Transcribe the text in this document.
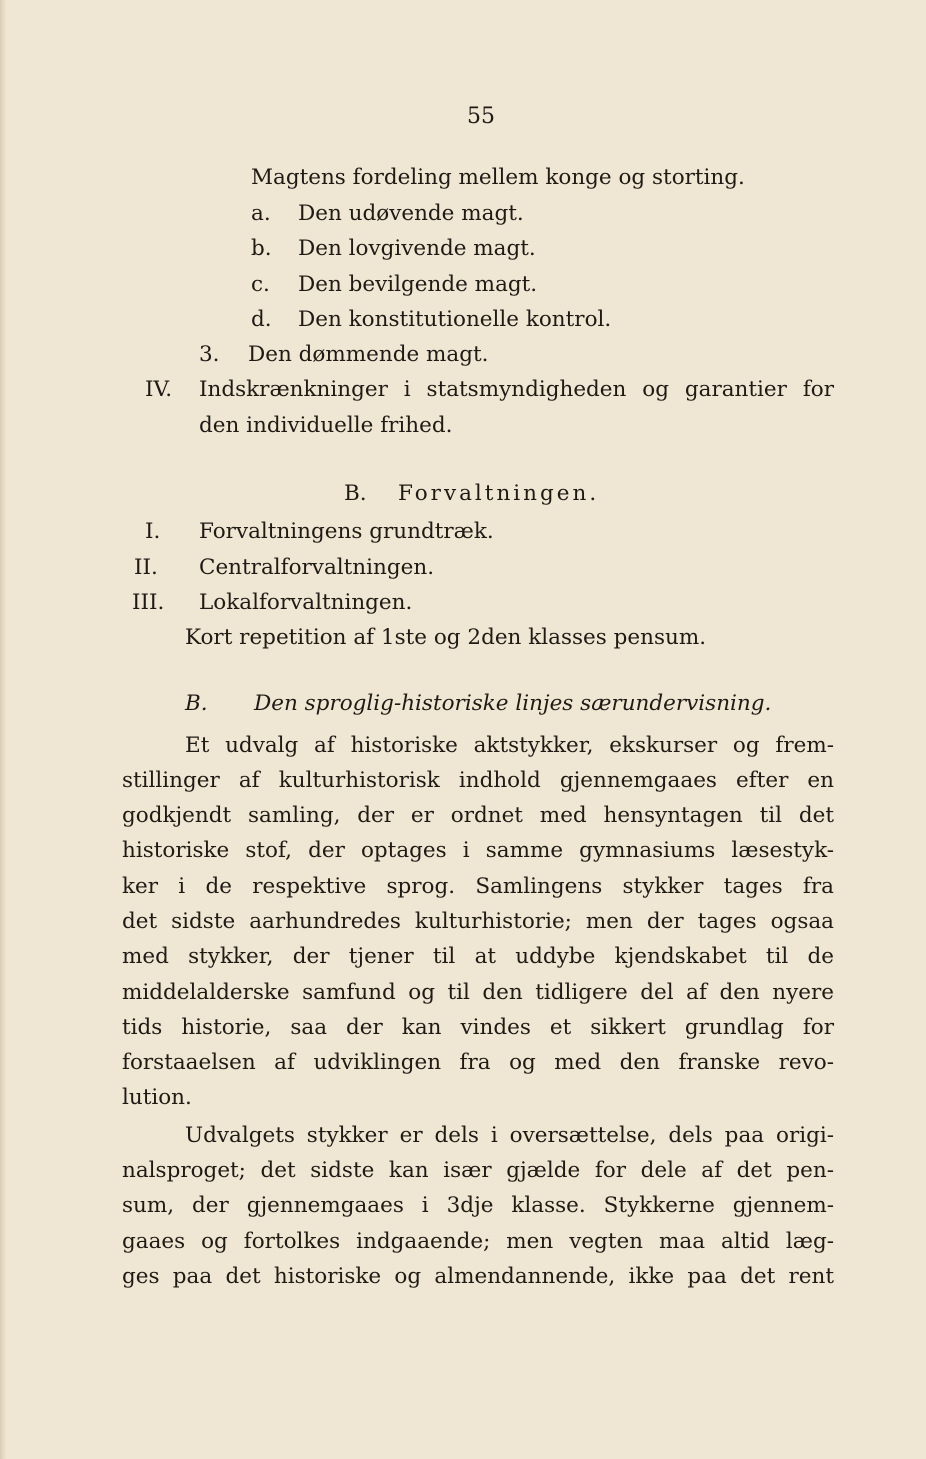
55
Magtens fordeling mellem konge og storting.
a. Den udøvende magt.
b. Den lovgivende magt.
c. Den bevilgende magt.
d. Den konstitutionelle kontrol.
3. Den dømmende magt.
IV. Indskrænkninger i statsmyndigheden og garantier for
den individuelle frihed.
B. Forvaltningen.
I. Forvaltningens grundtræk.
II. Centralforvaltningen.
III. Lokalforvaltningen.
Kort repetition af 1ste og 2den klasses pensum.
B. Den sproglig-historiske linjes særundervisning.
Et udvalg af historiske aktstykker, ekskurser og frem-
stillinger af kulturhistorisk indhold gjennemgaaes efter en
godkjendt samling, der er ordnet med hensyntagen til det
historiske stof, der optages i samme gymnasiums læsestyk-
ker i de respektive sprog. Samlingens stykker tages fra
det sidste aarhundredes kulturhistorie; men der tages ogsaa
med stykker, der tjener til at uddybe kjendskabet til de
middelalderske samfund og til den tidligere del af den nyere
tids historie, saa der kan vindes et sikkert grundlag for
forstaaelsen af udviklingen fra og med den franske revo-
lution.
Udvalgets stykker er dels i oversættelse, dels paa origi-
nalsproget; det sidste kan især gjælde for dele af det pen-
sum, der gjennemgaaes i 3dje klasse. Stykkerne gjennem-
gaaes og fortolkes indgaaende; men vegten maa altid læg-
ges paa det historiske og almendannende, ikke paa det rent
